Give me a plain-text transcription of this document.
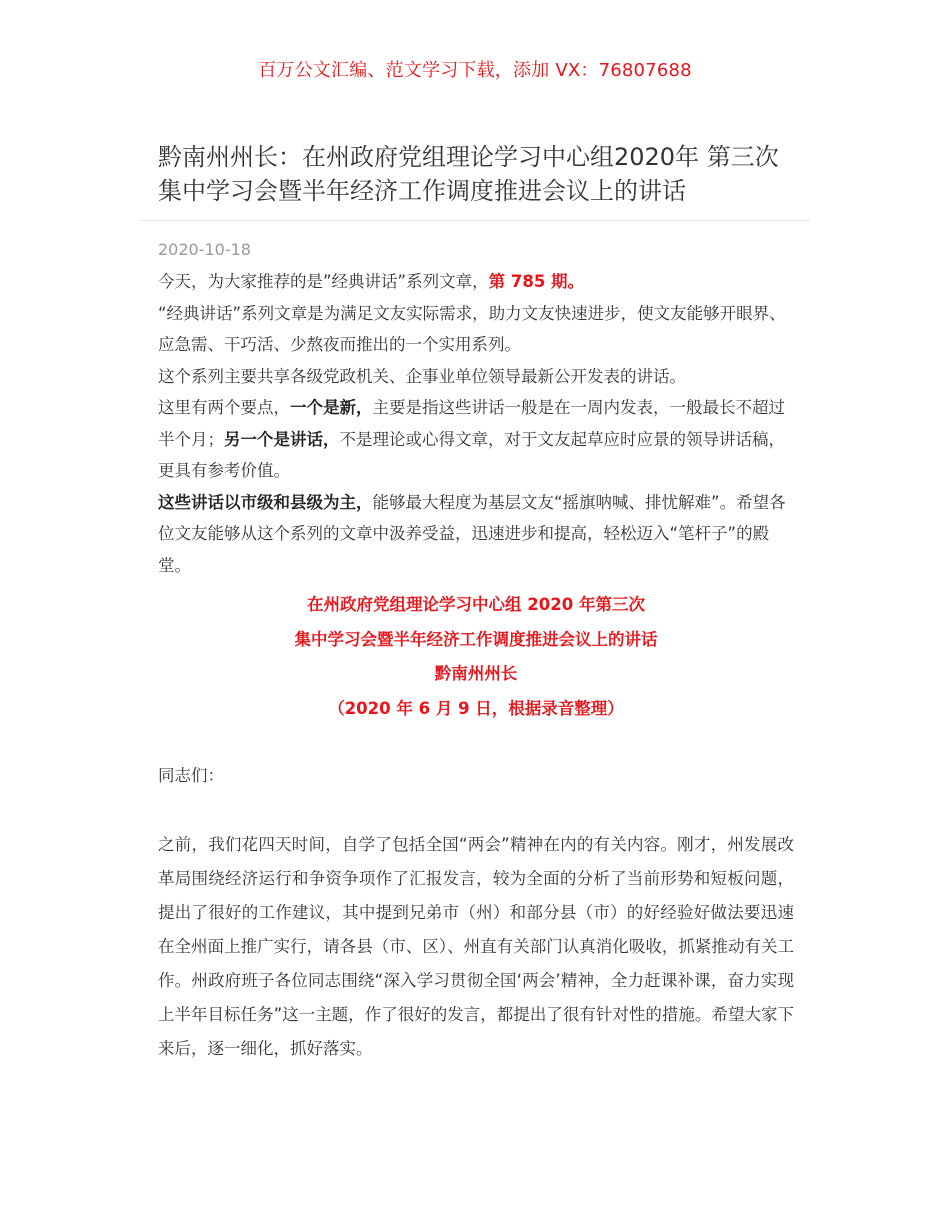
百万公文汇编、范文学习下载，添加 VX：76807688
黔南州州长：在州政府党组理论学习中心组2020年 第三次集中学习会暨半年经济工作调度推进会议上的讲话
2020-10-18

今天，为大家推荐的是”经典讲话”系列文章，第 785 期。

“经典讲话”系列文章是为满足文友实际需求，助力文友快速进步，使文友能够开眼界、应急需、干巧活、少熬夜而推出的一个实用系列。

这个系列主要共享各级党政机关、企事业单位领导最新公开发表的讲话。

这里有两个要点，一个是新，主要是指这些讲话一般是在一周内发表，一般最长不超过半个月；另一个是讲话，不是理论或心得文章，对于文友起草应时应景的领导讲话稿，更具有参考价值。

这些讲话以市级和县级为主，能够最大程度为基层文友“摇旗呐喊、排忧解难”。希望各位文友能够从这个系列的文章中汲养受益，迅速进步和提高，轻松迈入“笔杆子”的殿堂。

在州政府党组理论学习中心组 2020 年第三次
集中学习会暨半年经济工作调度推进会议上的讲话
黔南州州长
（2020 年 6 月 9 日，根据录音整理）
同志们：

之前，我们花四天时间，自学了包括全国“两会”精神在内的有关内容。刚才，州发展改革局围绕经济运行和争资争项作了汇报发言，较为全面的分析了当前形势和短板问题，提出了很好的工作建议，其中提到兄弟市（州）和部分县（市）的好经验好做法要迅速在全州面上推广实行，请各县（市、区）、州直有关部门认真消化吸收，抓紧推动有关工作。州政府班子各位同志围绕“深入学习贯彻全国‘两会’精神，全力赶课补课，奋力实现上半年目标任务”这一主题，作了很好的发言，都提出了很有针对性的措施。希望大家下来后，逐一细化，抓好落实。
